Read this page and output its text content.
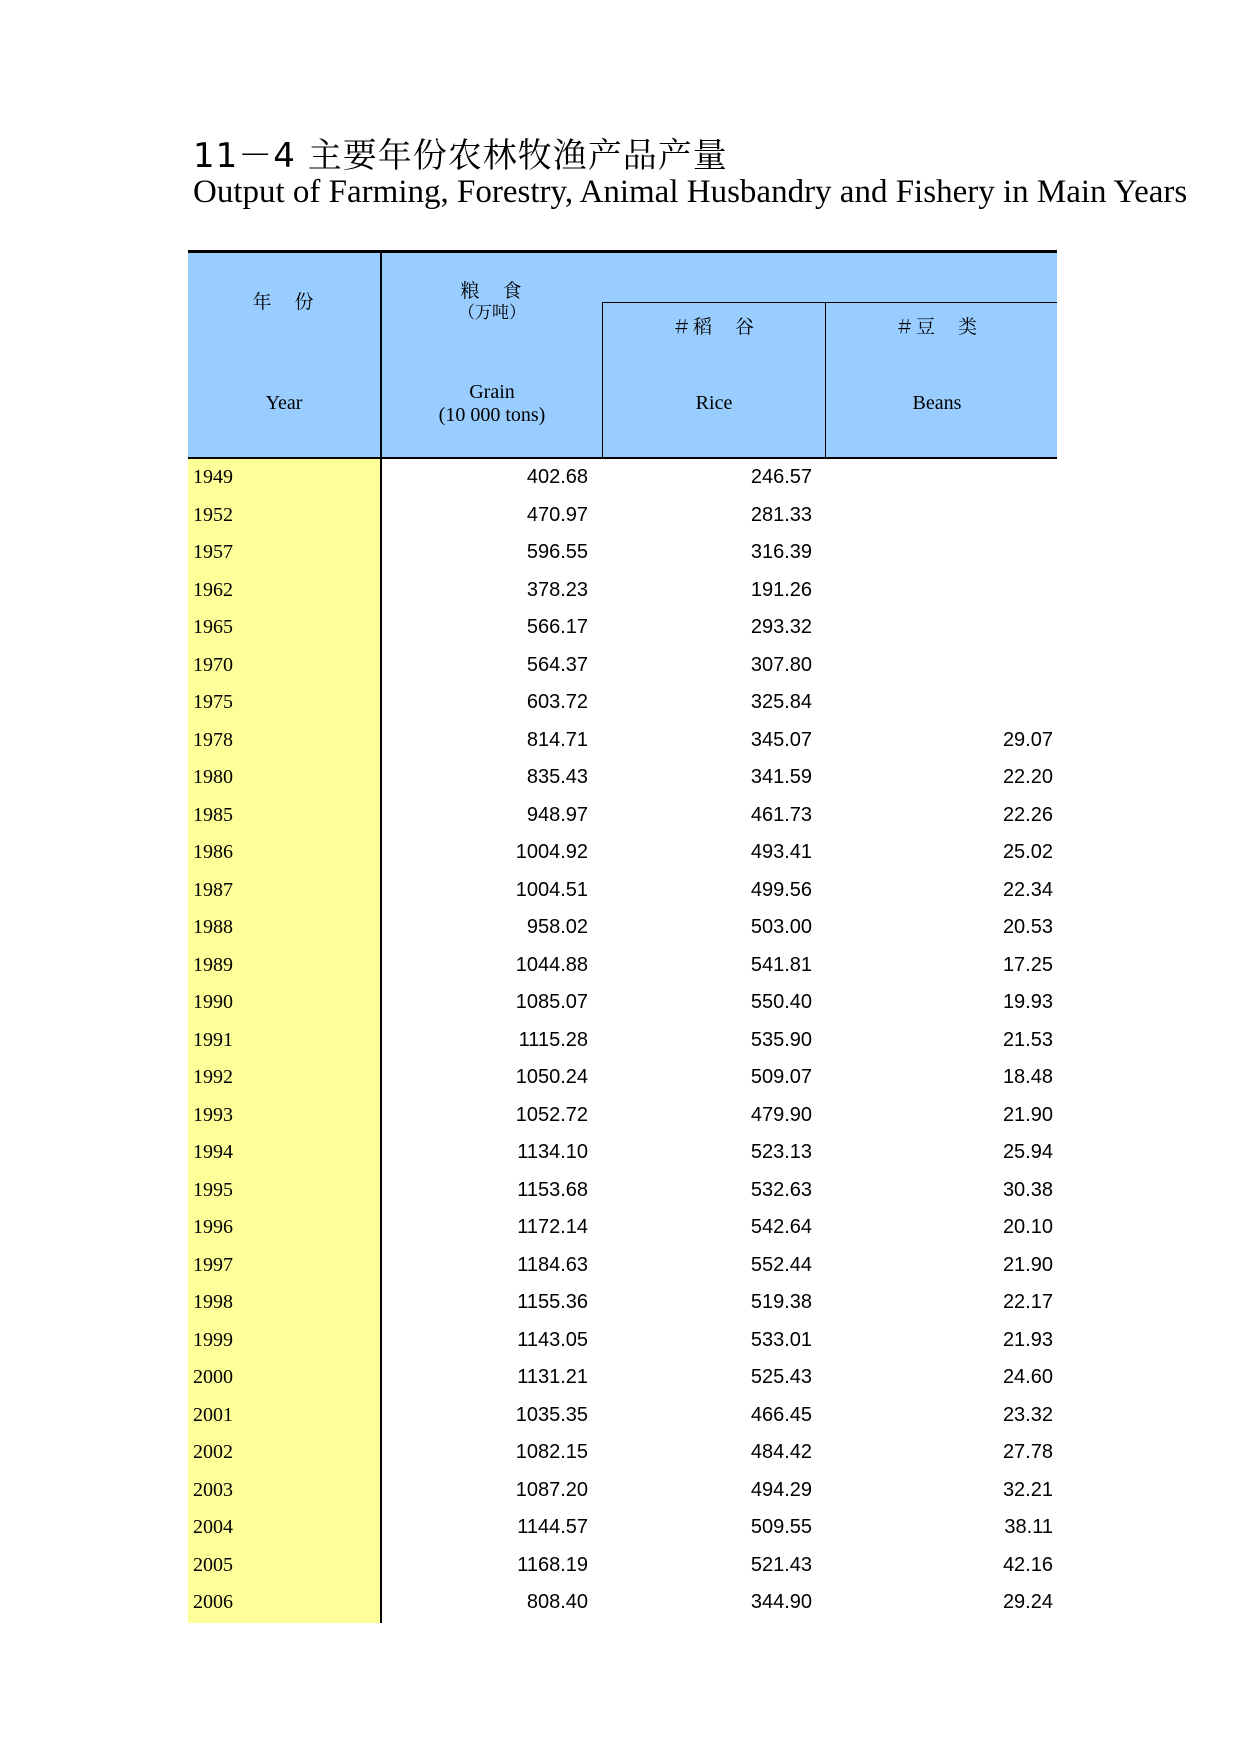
11－4 主要年份农林牧渔产品产量
Output of Farming, Forestry, Animal Husbandry and Fishery in Main Years
年　份
Year
粮　食
（万吨）
Grain
(10 000 tons)
＃稻　谷
Rice
＃豆　类
Beans
1949	402.68	246.57
1952	470.97	281.33
1957	596.55	316.39
1962	378.23	191.26
1965	566.17	293.32
1970	564.37	307.80
1975	603.72	325.84
1978	814.71	345.07	29.07
1980	835.43	341.59	22.20
1985	948.97	461.73	22.26
1986	1004.92	493.41	25.02
1987	1004.51	499.56	22.34
1988	958.02	503.00	20.53
1989	1044.88	541.81	17.25
1990	1085.07	550.40	19.93
1991	1115.28	535.90	21.53
1992	1050.24	509.07	18.48
1993	1052.72	479.90	21.90
1994	1134.10	523.13	25.94
1995	1153.68	532.63	30.38
1996	1172.14	542.64	20.10
1997	1184.63	552.44	21.90
1998	1155.36	519.38	22.17
1999	1143.05	533.01	21.93
2000	1131.21	525.43	24.60
2001	1035.35	466.45	23.32
2002	1082.15	484.42	27.78
2003	1087.20	494.29	32.21
2004	1144.57	509.55	38.11
2005	1168.19	521.43	42.16
2006	808.40	344.90	29.24
